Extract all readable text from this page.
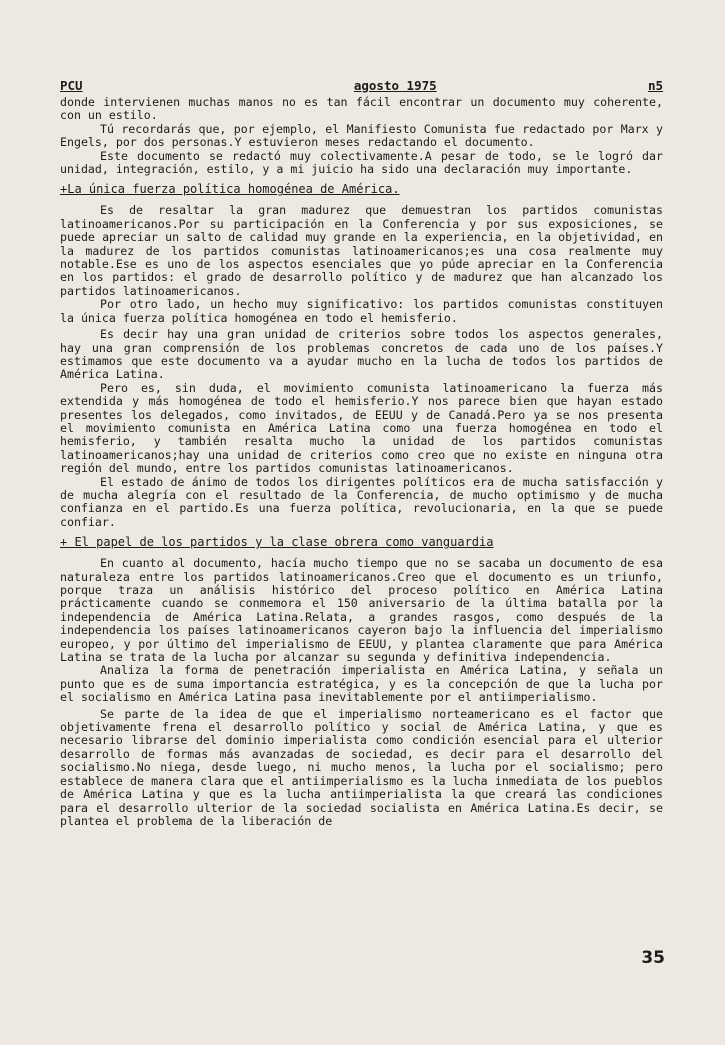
PCU	agosto 1975	n5

donde intervienen muchas manos no es tan fácil encontrar un documento muy coherente, con un estilo.

Tú recordarás que, por ejemplo, el Manifiesto Comunista fue redactado por Marx y Engels, por dos personas.Y estuvieron meses redactando el documento.

Este documento se redactó muy colectivamente.A pesar de todo, se le logró dar unidad, integración, estilo, y a mi juicio ha sido una declaración muy importante.

+La única fuerza política homogénea de América.

Es de resaltar la gran madurez que demuestran los partidos comunistas latinoamericanos.Por su participación en la Conferencia y por sus exposiciones, se puede apreciar un salto de calidad muy grande en la experiencia, en la objetividad, en la madurez de los partidos comunistas latinoamericanos;es una cosa realmente muy notable.Ese es uno de los aspectos esenciales que yo púde apreciar en la Conferencia en los partidos: el grado de desarrollo político y de madurez que han alcanzado los partidos latinoamericanos.

Por otro lado, un hecho muy significativo: los partidos comunistas constituyen la única fuerza política homogénea en todo el hemisferio.

Es decir hay una gran unidad de criterios sobre todos los aspectos generales, hay una gran comprensión de los problemas concretos de cada uno de los países.Y estimamos que este documento va a ayudar mucho en la lucha de todos los partidos de América Latina.

Pero es, sin duda, el movimiento comunista latinoamericano la fuerza más extendida y más homogénea de todo el hemisferio.Y nos parece bien que hayan estado presentes los delegados, como invitados, de EEUU y de Canadá.Pero ya se nos presenta el movimiento comunista en América Latina como una fuerza homogénea en todo el hemisferio, y también resalta mucho la unidad de los partidos comunistas latinoamericanos;hay una unidad de criterios como creo que no existe en ninguna otra región del mundo, entre los partidos comunistas latinoamericanos.

El estado de ánimo de todos los dirigentes políticos era de mucha satisfacción y de mucha alegría con el resultado de la Conferencia, de mucho optimismo y de mucha confianza en el partido.Es una fuerza política, revolucionaria, en la que se puede confiar.

+ El papel de los partidos y la clase obrera como vanguardia

En cuanto al documento, hacía mucho tiempo que no se sacaba un documento de esa naturaleza entre los partidos latinoamericanos.Creo que el documento es un triunfo, porque traza un análisis histórico del proceso político en América Latina prácticamente cuando se conmemora el 150 aniversario de la última batalla por la independencia de América Latina.Relata, a grandes rasgos, como después de la independencia los países latinoamericanos cayeron bajo la influencia del imperialismo europeo, y por último del imperialismo de EEUU, y plantea claramente que para América Latina se trata de la lucha por alcanzar su segunda y definitiva independencia.

Analiza la forma de penetración imperialista en América Latina, y señala un punto que es de suma importancia estratégica, y es la concepción de que la lucha por el socialismo en América Latina pasa inevitablemente por el antiimperialismo.

Se parte de la idea de que el imperialismo norteamericano es el factor que objetivamente frena el desarrollo político y social de América Latina, y que es necesario librarse del dominio imperialista como condición esencial para el ulterior desarrollo de formas más avanzadas de sociedad, es decir para el desarrollo del socialismo.No niega, desde luego, ni mucho menos, la lucha por el socialismo; pero establece de manera clara que el antiimperialismo es la lucha inmediata de los pueblos de América Latina y que es la lucha antiimperialista la que creará las condiciones para el desarrollo ulterior de la sociedad socialista en América Latina.Es decir, se plantea el problema de la liberación de

35
